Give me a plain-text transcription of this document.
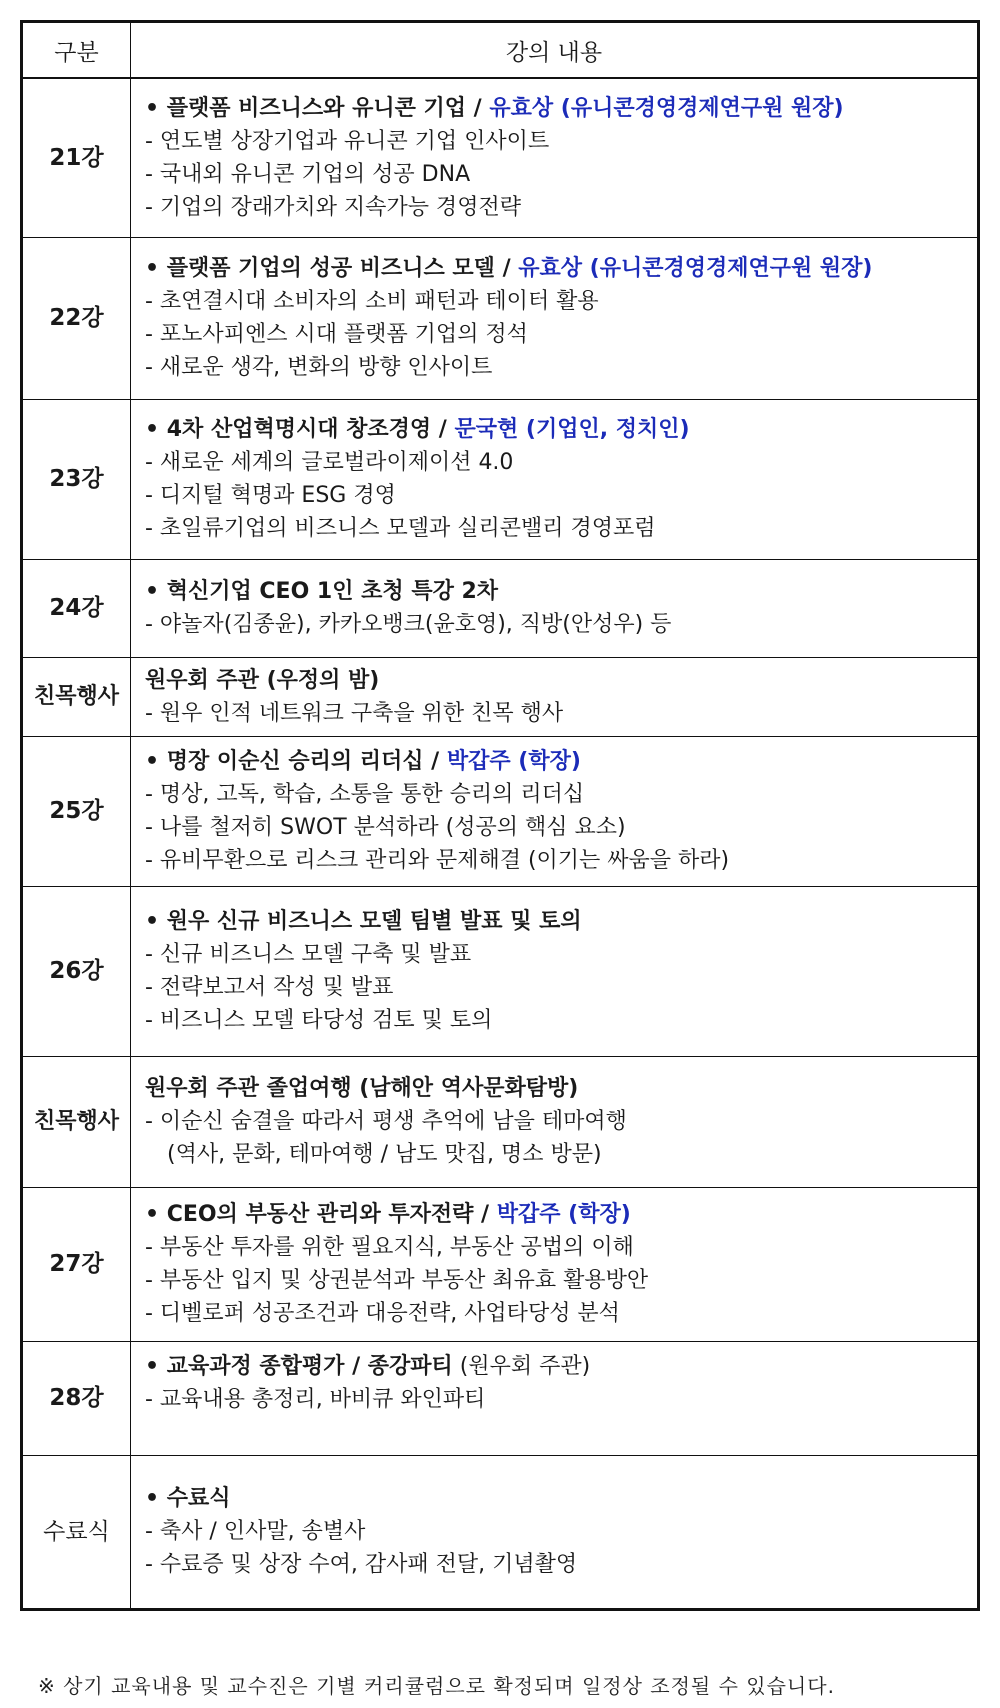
구분	강의 내용
21강	• 플랫폼 비즈니스와 유니콘 기업 / 유효상 (유니콘경영경제연구원 원장)
- 연도별 상장기업과 유니콘 기업 인사이트
- 국내외 유니콘 기업의 성공 DNA
- 기업의 장래가치와 지속가능 경영전략

22강	• 플랫폼 기업의 성공 비즈니스 모델 / 유효상 (유니콘경영경제연구원 원장)
- 초연결시대 소비자의 소비 패턴과 테이터 활용
- 포노사피엔스 시대 플랫폼 기업의 정석
- 새로운 생각, 변화의 방향 인사이트

23강	• 4차 산업혁명시대 창조경영 / 문국현 (기업인, 정치인)
- 새로운 세계의 글로벌라이제이션 4.0
- 디지털 혁명과 ESG 경영
- 초일류기업의 비즈니스 모델과 실리콘밸리 경영포럼

24강	• 혁신기업 CEO 1인 초청 특강 2차
- 야놀자(김종윤), 카카오뱅크(윤호영), 직방(안성우) 등

친목행사	원우회 주관 (우정의 밤)
- 원우 인적 네트워크 구축을 위한 친목 행사

25강	• 명장 이순신 승리의 리더십 / 박갑주 (학장)
- 명상, 고독, 학습, 소통을 통한 승리의 리더십
- 나를 철저히 SWOT 분석하라 (성공의 핵심 요소)
- 유비무환으로 리스크 관리와 문제해결 (이기는 싸움을 하라)

26강	• 원우 신규 비즈니스 모델 팀별 발표 및 토의
- 신규 비즈니스 모델 구축 및 발표
- 전략보고서 작성 및 발표
- 비즈니스 모델 타당성 검토 및 토의

친목행사	원우회 주관 졸업여행 (남해안 역사문화탐방)
- 이순신 숨결을 따라서 평생 추억에 남을 테마여행
(역사, 문화, 테마여행 / 남도 맛집, 명소 방문)

27강	• CEO의 부동산 관리와 투자전략 / 박갑주 (학장)
- 부동산 투자를 위한 필요지식, 부동산 공법의 이해
- 부동산 입지 및 상권분석과 부동산 최유효 활용방안
- 디벨로퍼 성공조건과 대응전략, 사업타당성 분석

28강	• 교육과정 종합평가 / 종강파티 (원우회 주관)
- 교육내용 총정리, 바비큐 와인파티

수료식	• 수료식
- 축사 / 인사말, 송별사
- 수료증 및 상장 수여, 감사패 전달, 기념촬영
※ 상기 교육내용 및 교수진은 기별 커리큘럼으로 확정되며 일정상 조정될 수 있습니다.
